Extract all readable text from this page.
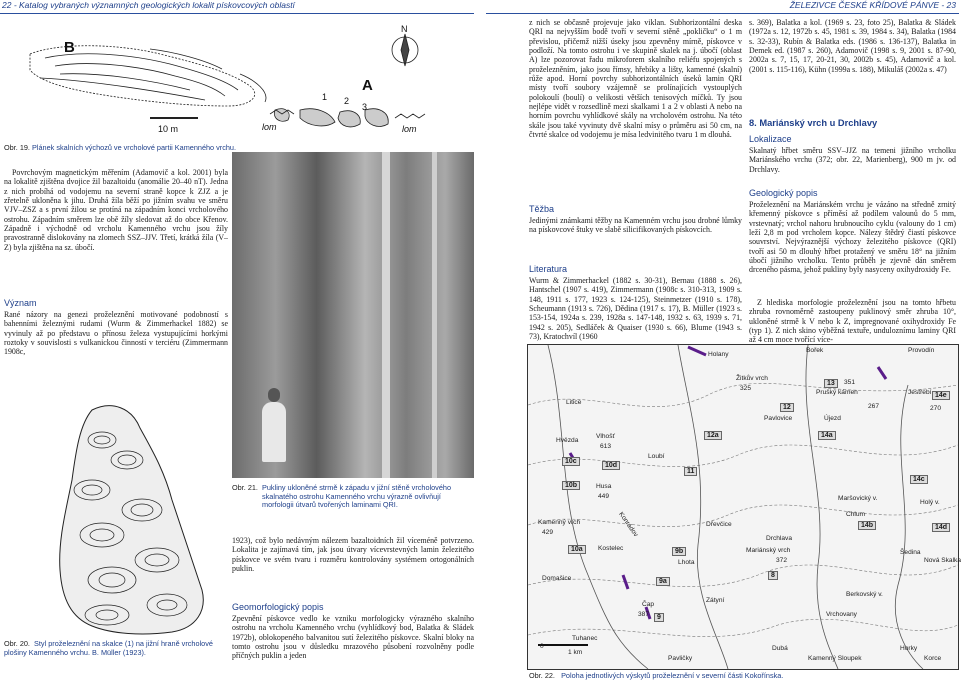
22 - Katalog vybraných významných geologických lokalit pískovcových oblastí	ŽELEZIVCE ČESKÉ KŘÍDOVÉ PÁNVE - 23
B
A
N
10 m	lom	lom
1 2
3
Obr. 19. Plánek skalních výchozů ve vrcholové partii Kamenného vrchu.

Povrchovým magnetickým měřením (Adamovič a kol. 2001) byla na lokalitě zjištěna dvojice žil bazaltoidu (anomálie 20–40 nT). Jedna z nich probíhá od vodojemu na severní straně kopce k ZJZ a je zřetelně ukloněna k jihu. Druhá žíla běží po jižním svahu ve směru VJV–ZSZ a s první žilou se protíná na západním konci vrcholového ostrohu. Západním směrem lze obě žíly sledovat až do obce Křenov. Západně i východně od vrcholu Kamenného vrchu jsou žíly pravostranně dislokovány na zlomech SSZ–JJV. Třetí, krátká žíla (V–Z) byla zjištěna na sz. úbočí.

Význam

Rané názory na genezi proželeznění motivované podobností s bahenními železnými rudami (Wurm & Zimmerhackel 1882) se vyvinuly až po představu o přínosu železa vystupujícími horkými roztoky v souvislosti s vulkanickou činností v terciéru (Zimmermann 1908c,

Obr. 20. Styl proželeznění na skalce (1) na jižní hraně vrcholové plošiny Kamenného vrchu. B. Müller (1923).
Obr. 21. Pukliny ukloněné strmě k západu v jižní stěně vrcholového skalnatého ostrohu Kamenného vrchu výrazně ovlivňují morfologii útvarů tvořených laminami QRI.

1923), což bylo nedávným nálezem bazaltoidních žil víceméně potvrzeno. Lokalita je zajímavá tím, jak jsou útvary vícevrstevných lamin železitého pískovce ve svém tvaru i rozměru kontrolovány systémem ortogonálních puklin.

Geomorfologický popis

Zpevnění pískovce vedlo ke vzniku morfologicky výrazného skalního ostrohu na vrcholu Kamenného vrchu (vyhlídkový bod, Balatka & Sládek 1972b), oblokopeného balvanitou sutí železitého pískovce. Skalní bloky na tomto ostrohu jsou v důsledku mrazového působení rozvolněny podle příčných puklin a jeden

z nich se občasně projevuje jako viklan. Subhorizontální deska QRI na nejvyšším bodě tvoří v severní stěně „pokličku“ o 1 m převislou, přičemž nižší úseky jsou zpevněny mírně, pískovce v podloží. Na tomto ostrohu i ve skupině skalek na j. úbočí (oblast A) lze pozorovat řadu mikroforem skalního reliéfu spojených s proželezněním, jako jsou římsy, hřebíky a lišty, kamenné (skalní) růže apod. Horní povrchy subhorizontálních úseků lamin QRI místy tvoří soubory vzájemně se prolínajících vystouplých polokoulí (boulí) o velikosti větších tenisových míčků. Ty jsou nejlépe vidět v rozsedlině mezi skalkami 1 a 2 v oblasti A nebo na horním povrchu vyhlídkové skály na vrcholovém ostrohu. Na této skále jsou také vyvinuty dvě skalní mísy o průměru asi 50 cm, na čtvrté skalce od vodojemu je mísa ledvinitého tvaru 1 m dlouhá.

Těžba

Jedinými známkami těžby na Kamenném vrchu jsou drobné lůmky na pískovcové štuky ve slabě silicifikovaných pískovcích.

Literatura

Wurm & Zimmerhackel (1882 s. 30-31), Bernau (1888 s. 26), Hantschel (1907 s. 419), Zimmermann (1908c s. 310-313, 1909 s. 148, 1911 s. 177, 1923 s. 124-125), Steinmetzer (1910 s. 178), Scheumann (1913 s. 726), Dědina (1917 s. 17), B. Müller (1923 s. 153-154, 1924a s. 239, 1928a s. 147-148, 1932 s. 63, 1939 s. 71, 1942 s. 205), Sedláček & Quaiser (1930 s. 66), Blume (1943 s. 73), Kratochvíl (1960

s. 369), Balatka a kol. (1969 s. 23, foto 25), Balatka & Sládek (1972a s. 12, 1972b s. 45, 1981 s. 39, 1984 s. 34), Balatka (1984 s. 32-33), Rubín & Balatka eds. (1986 s. 136-137), Balatka in Demek ed. (1987 s. 260), Adamovič (1998 s. 9, 2001 s. 87-90, 2002a s. 7, 15, 17, 20-21, 30, 2002b s. 45), Adamovič a kol. (2001 s. 115-116), Kühn (1999a s. 188), Mikuláš (2002a s. 47)

8. Mariánský vrch u Drchlavy
Lokalizace

Skalnatý hřbet směru SSV–JJZ na temeni jižního vrcholku Mariánského vrchu (372; obr. 22, Marienberg), 900 m jv. od Drchlavy.

Geologický popis

Proželeznění na Mariánském vrchu je vázáno na středně zrnitý křemenný pískovce s příměsí až podílem valounů do 5 mm, vrstevnatý; vrchol nahoru hrubnoucího cyklu (valouny do 1 cm) leží 2,8 m pod vrcholem kopce. Nálezy štědrý čiastí pískovce souvrství. Nejvýraznější výchozy železitého pískovce (QRI) tvoří asi 50 m dlouhý hřbet protažený ve směru 18° na jižním úbočí jižního vrcholku. Tento průběh je zjevně dán směrem drceného pásma, jehož pukliny byly nasyceny oxihydroxidy Fe.

Z hlediska morfologie proželeznění jsou na tomto hřbetu zhruba rovnoměrně zastoupeny puklinový směr zhruba 10°, ukloněné strmě k V nebo k Z, impregnované oxihydroxidy Fe (typ 1). Z nich skino výběžná textuře, unduloznímu laminy QRI až 4 cm moce tvořící více-

0
1 km
Holany
Bořek	Provodín
Žitkův vrch
325
Prušký kámen	Jestřebí
351
Litice
Pavlovice	Újezd
267	270
Hvězda
Vlhošť
613
Loubí
Husa
449	Maršovický v.
Holý v.
Kamenný vrch
429	Konrádov	Dřevčice
Chlum
Drchlava
Kostelec
Lhota
Mariánský vrch
372
Šedina
Nová Skalka
Domašice
Zátyní
Berkovský v.
Čap
387	Vrchovany
Tuhanec
Dubá
Pavličky
Horky
Korce
Kamenný Sloupek
13
14e
12
14a
10c
10d
12a
11
10b
14c
14b	14d
10a	9b
9a
8
9
Obr. 22. Poloha jednotlivých výskytů proželeznění v severní části Kokořínska.
